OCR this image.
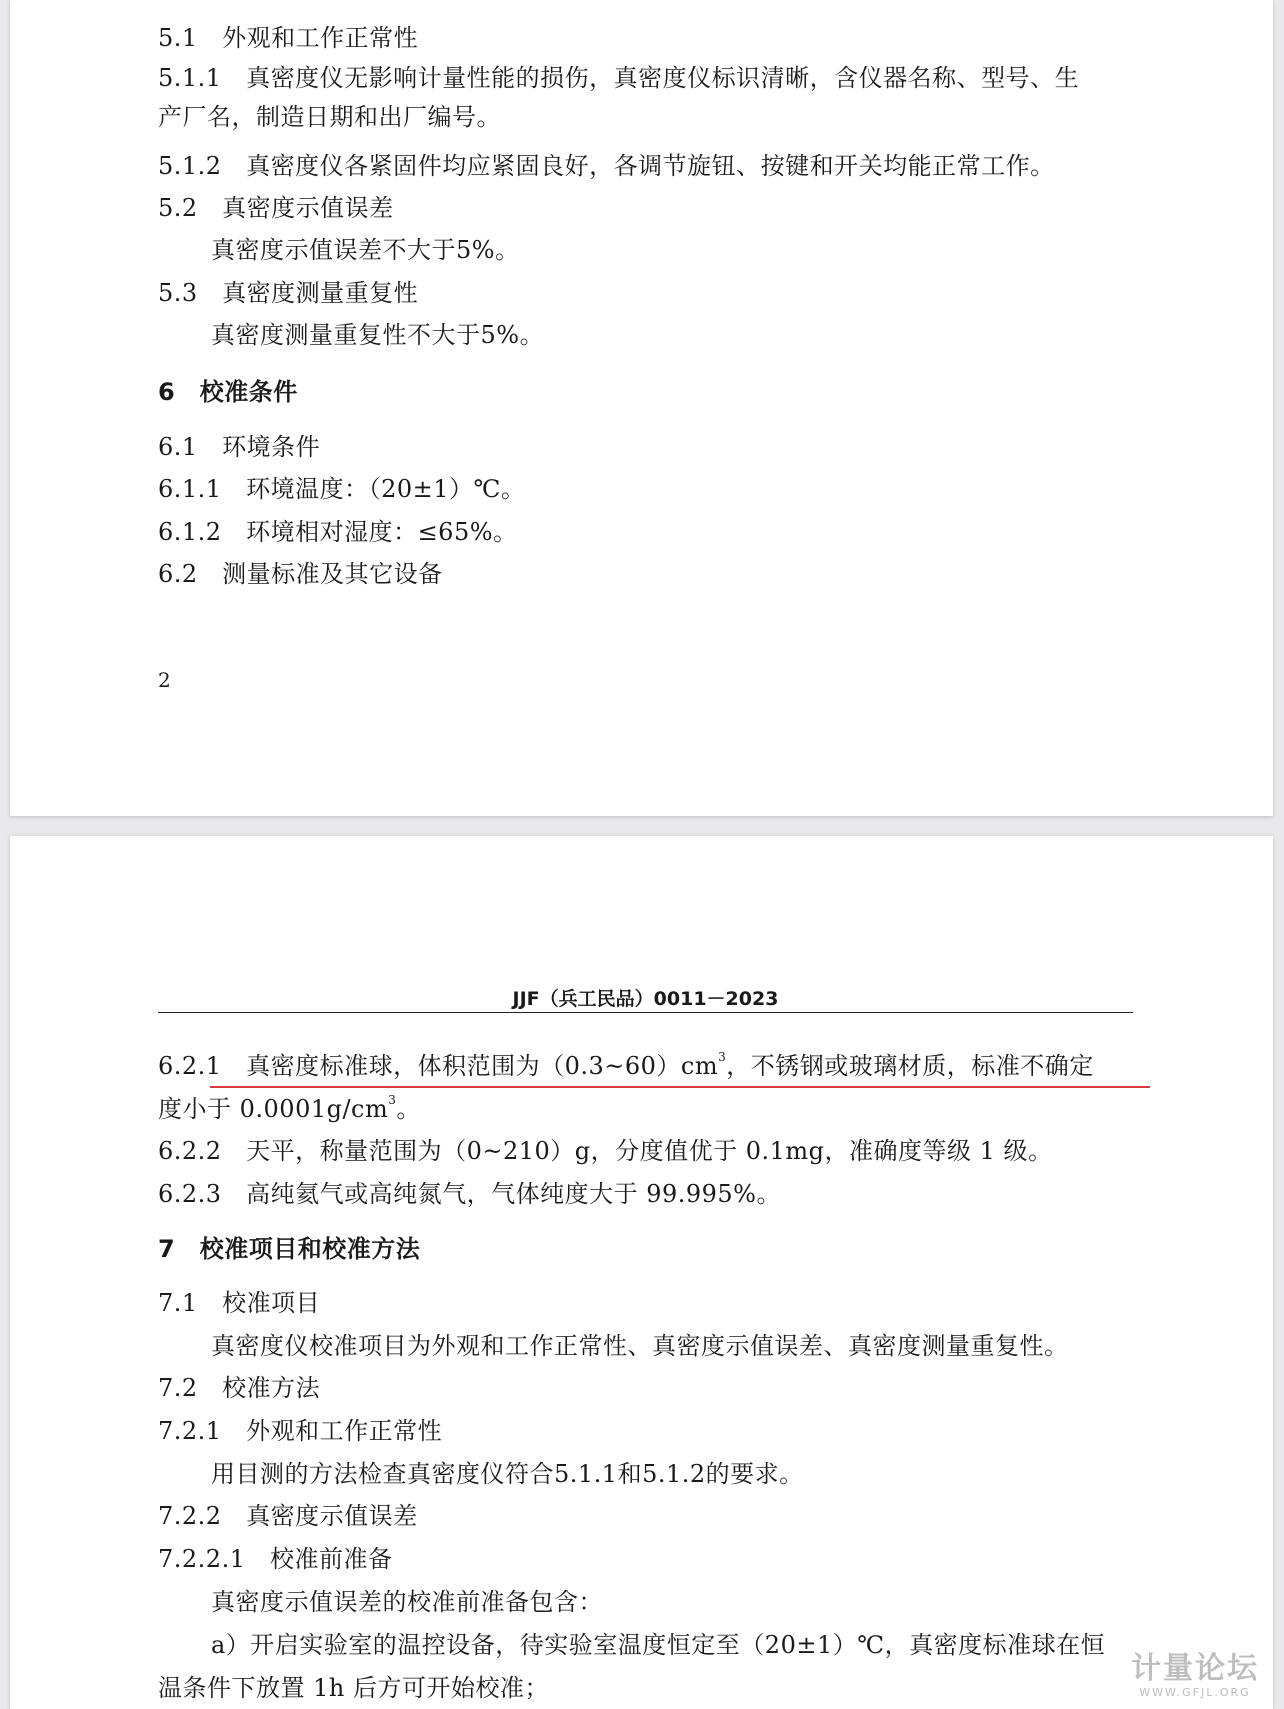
5.1　外观和工作正常性
5.1.1　真密度仪无影响计量性能的损伤，真密度仪标识清晰，含仪器名称、型号、生
产厂名，制造日期和出厂编号。
5.1.2　真密度仪各紧固件均应紧固良好，各调节旋钮、按键和开关均能正常工作。
5.2　真密度示值误差
真密度示值误差不大于5%。
5.3　真密度测量重复性
真密度测量重复性不大于5%。
6　校准条件
6.1　环境条件
6.1.1　环境温度：（20±1）℃。
6.1.2　环境相对湿度：≤65%。
6.2　测量标准及其它设备
2
JJF（兵工民品）0011－2023
6.2.1　真密度标准球，体积范围为$(0.3\sim 60)cm^3$，不锈钢或玻璃材质，标准不确定
度小于 $0.0001g/cm^3$。
6.2.2　天平，称量范围为（0~210）g，分度值优于 0.1mg，准确度等级 1 级。
6.2.3　高纯氦气或高纯氮气，气体纯度大于 99.995%。
7　校准项目和校准方法
7.1　校准项目
真密度仪校准项目为外观和工作正常性、真密度示值误差、真密度测量重复性。
7.2　校准方法
7.2.1　外观和工作正常性
用目测的方法检查真密度仪符合5.1.1和5.1.2的要求。
7.2.2　真密度示值误差
7.2.2.1　校准前准备
真密度示值误差的校准前准备包含：
a）开启实验室的温控设备，待实验室温度恒定至（20±1）℃，真密度标准球在恒
温条件下放置 1h 后方可开始校准；
计量论坛
WWW.GFJL.ORG
